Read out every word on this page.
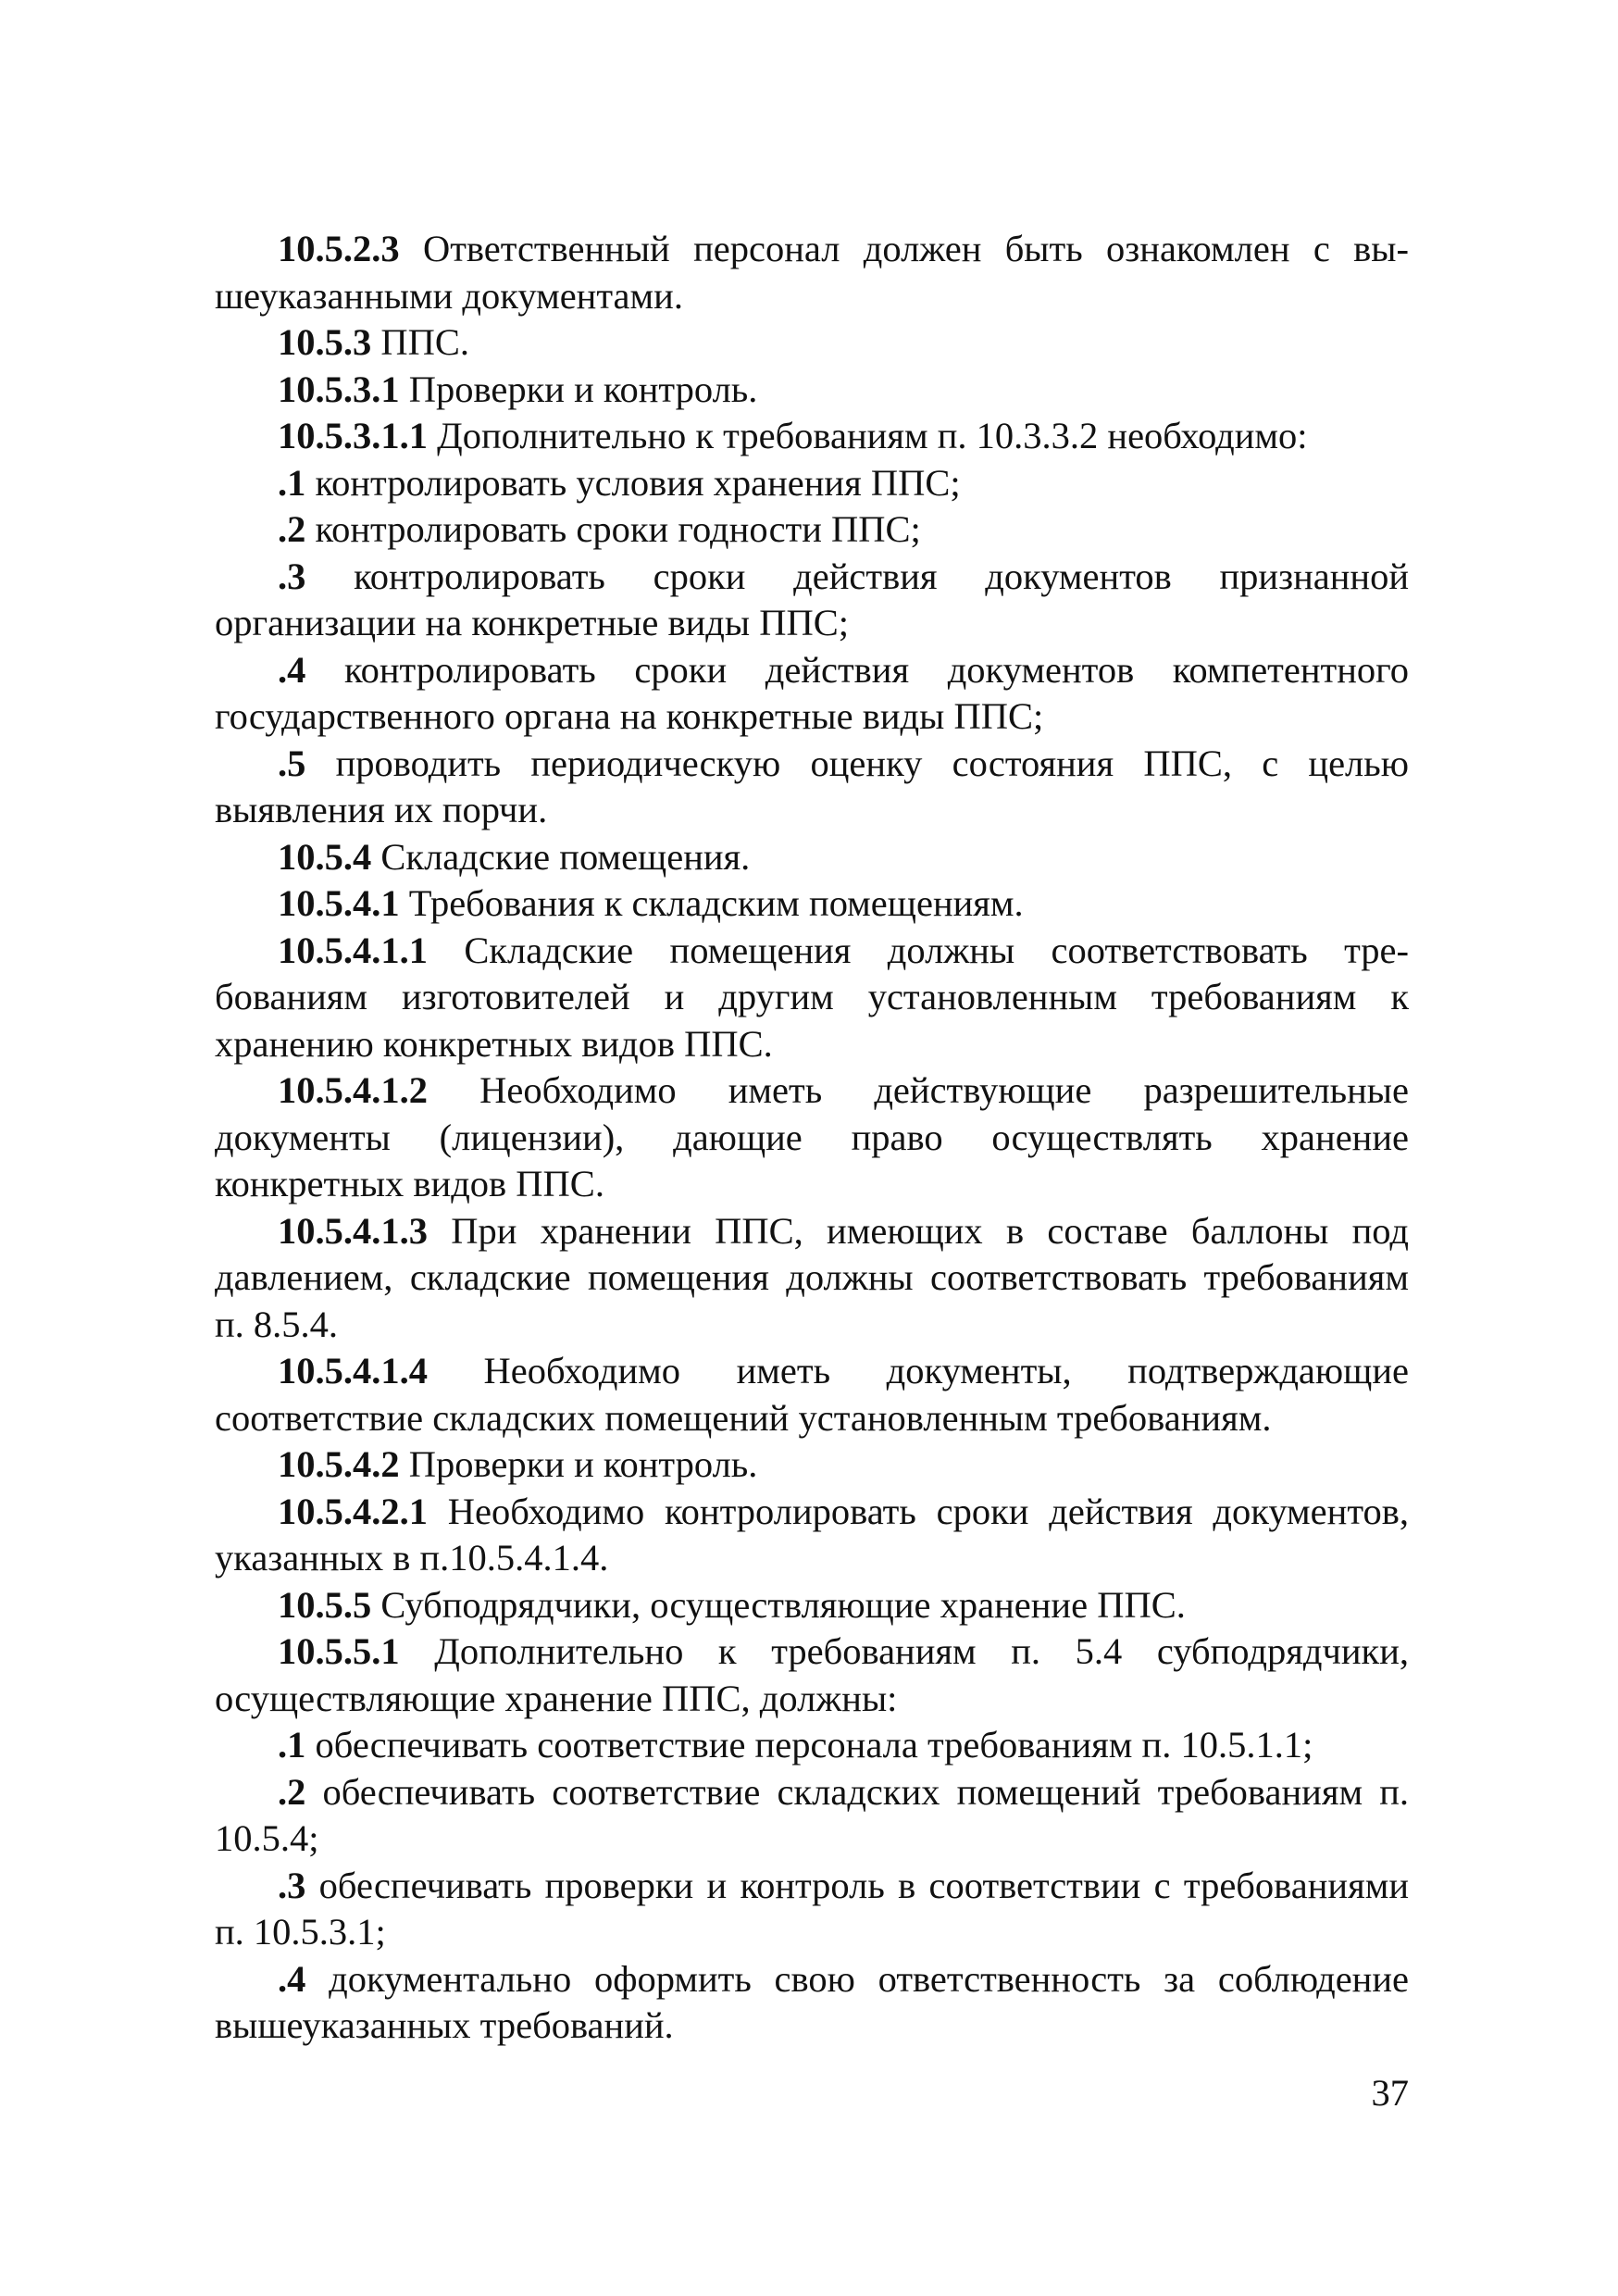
10.5.2.3 Ответственный персонал должен быть ознакомлен с вышеуказанными документами.

10.5.3 ППС.

10.5.3.1 Проверки и контроль.

10.5.3.1.1 Дополнительно к требованиям п. 10.3.3.2 необходимо:

.1 контролировать условия хранения ППС;

.2 контролировать сроки годности ППС;

.3 контролировать сроки действия документов признанной организации на конкретные виды ППС;

.4 контролировать сроки действия документов компетентного государственного органа на конкретные виды ППС;

.5 проводить периодическую оценку состояния ППС, с целью выявления их порчи.

10.5.4 Складские помещения.

10.5.4.1 Требования к складским помещениям.

10.5.4.1.1 Складские помещения должны соответствовать требованиям изготовителей и другим установленным требованиям к хранению конкретных видов ППС.

10.5.4.1.2 Необходимо иметь действующие разрешительные документы (лицензии), дающие право осуществлять хранение конкретных видов ППС.

10.5.4.1.3 При хранении ППС, имеющих в составе баллоны под давлением, складские помещения должны соответствовать требованиям п. 8.5.4.

10.5.4.1.4 Необходимо иметь документы, подтверждающие соответствие складских помещений установленным требованиям.

10.5.4.2 Проверки и контроль.

10.5.4.2.1 Необходимо контролировать сроки действия документов, указанных в п.10.5.4.1.4.

10.5.5 Субподрядчики, осуществляющие хранение ППС.

10.5.5.1 Дополнительно к требованиям п. 5.4 субподрядчики, осуществляющие хранение ППС, должны:

.1 обеспечивать соответствие персонала требованиям п. 10.5.1.1;

.2 обеспечивать соответствие складских помещений требованиям п. 10.5.4;

.3 обеспечивать проверки и контроль в соответствии с требованиями п. 10.5.3.1;

.4 документально оформить свою ответственность за соблюдение вышеуказанных требований.

37
